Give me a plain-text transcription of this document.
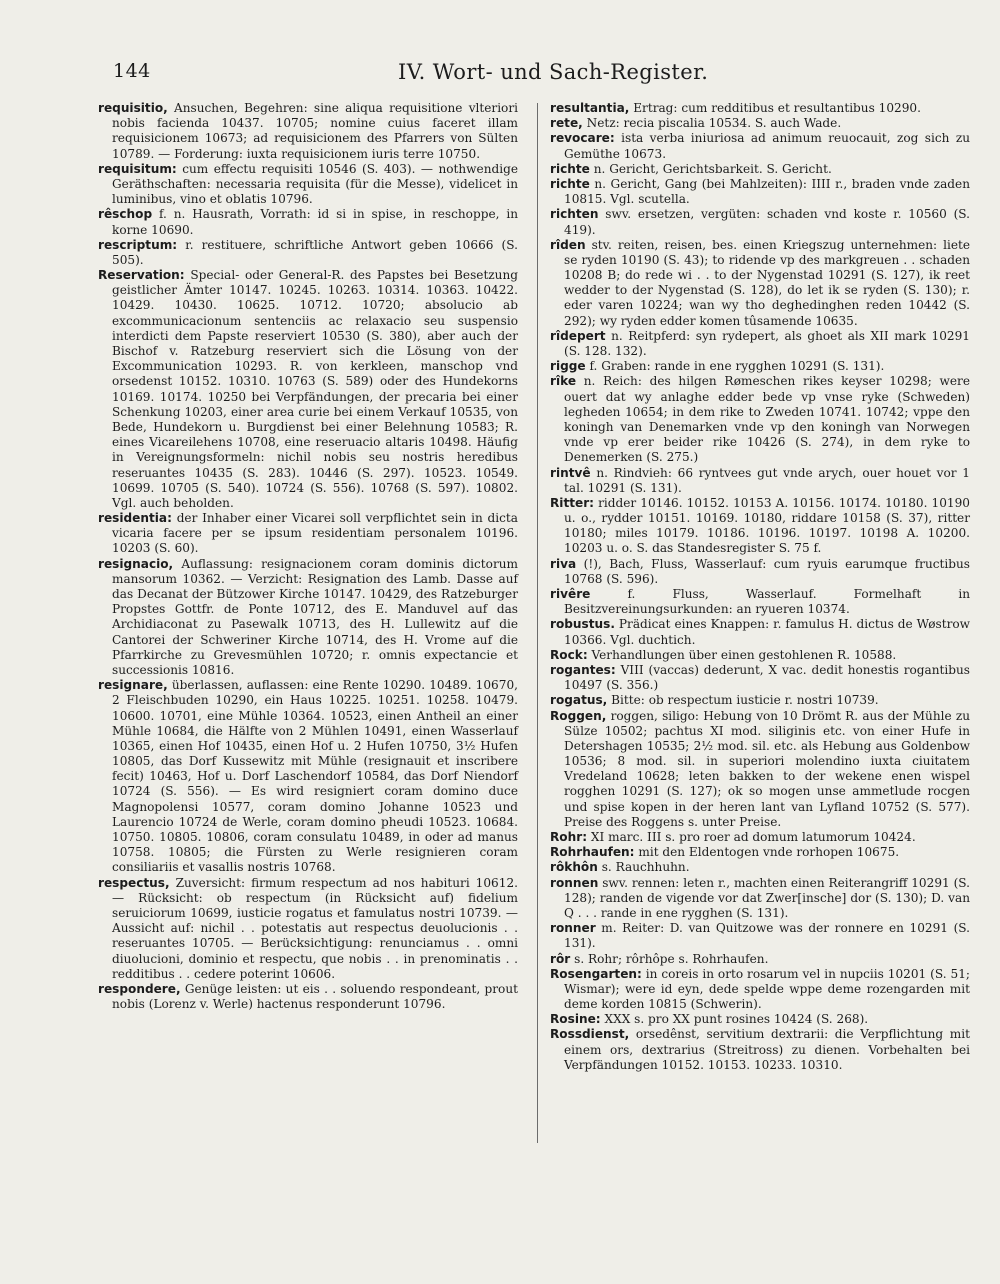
144	IV. Wort- und Sach-Register.

requisitio, Ansuchen, Begehren: sine aliqua requisitione vlteriori nobis facienda 10437. 10705; nomine cuius faceret illam requisicionem 10673; ad requisicionem des Pfarrers von Sülten 10789. — Forderung: iuxta requisicionem iuris terre 10750.

requisitum: cum effectu requisiti 10546 (S. 403). — nothwendige Geräthschaften: necessaria requisita (für die Messe), videlicet in luminibus, vino et oblatis 10796.

rêschop f. n. Hausrath, Vorrath: id si in spise, in reschoppe, in korne 10690.

rescriptum: r. restituere, schriftliche Antwort geben 10666 (S. 505).

Reservation: Special- oder General-R. des Papstes bei Besetzung geistlicher Ämter 10147. 10245. 10263. 10314. 10363. 10422. 10429. 10430. 10625. 10712. 10720; absolucio ab excommunicacionum sentenciis ac relaxacio seu suspensio interdicti dem Papste reserviert 10530 (S. 380), aber auch der Bischof v. Ratzeburg reserviert sich die Lösung von der Excommunication 10293. R. von kerkleen, manschop vnd orsedenst 10152. 10310. 10763 (S. 589) oder des Hundekorns 10169. 10174. 10250 bei Verpfändungen, der precaria bei einer Schenkung 10203, einer area curie bei einem Verkauf 10535, von Bede, Hundekorn u. Burgdienst bei einer Belehnung 10583; R. eines Vicareilehens 10708, eine reseruacio altaris 10498. Häufig in Vereignungsformeln: nichil nobis seu nostris heredibus reseruantes 10435 (S. 283). 10446 (S. 297). 10523. 10549. 10699. 10705 (S. 540). 10724 (S. 556). 10768 (S. 597). 10802. Vgl. auch beholden.

residentia: der Inhaber einer Vicarei soll verpflichtet sein in dicta vicaria facere per se ipsum residentiam personalem 10196. 10203 (S. 60).

resignacio, Auflassung: resignacionem coram dominis dictorum mansorum 10362. — Verzicht: Resignation des Lamb. Dasse auf das Decanat der Bützower Kirche 10147. 10429, des Ratzeburger Propstes Gottfr. de Ponte 10712, des E. Manduvel auf das Archidiaconat zu Pasewalk 10713, des H. Lullewitz auf die Cantorei der Schweriner Kirche 10714, des H. Vrome auf die Pfarrkirche zu Grevesmühlen 10720; r. omnis expectancie et successionis 10816.

resignare, überlassen, auflassen: eine Rente 10290. 10489. 10670, 2 Fleischbuden 10290, ein Haus 10225. 10251. 10258. 10479. 10600. 10701, eine Mühle 10364. 10523, einen Antheil an einer Mühle 10684, die Hälfte von 2 Mühlen 10491, einen Wasserlauf 10365, einen Hof 10435, einen Hof u. 2 Hufen 10750, 3½ Hufen 10805, das Dorf Kussewitz mit Mühle (resignauit et inscribere fecit) 10463, Hof u. Dorf Laschendorf 10584, das Dorf Niendorf 10724 (S. 556). — Es wird resigniert coram domino duce Magnopolensi 10577, coram domino Johanne 10523 und Laurencio 10724 de Werle, coram domino pheudi 10523. 10684. 10750. 10805. 10806, coram consulatu 10489, in oder ad manus 10758. 10805; die Fürsten zu Werle resignieren coram consiliariis et vasallis nostris 10768.

respectus, Zuversicht: firmum respectum ad nos habituri 10612. — Rücksicht: ob respectum (in Rücksicht auf) fidelium seruiciorum 10699, iusticie rogatus et famulatus nostri 10739. — Aussicht auf: nichil . . potestatis aut respectus deuolucionis . . reseruantes 10705. — Berücksichtigung: renunciamus . . omni diuolucioni, dominio et respectu, que nobis . . in prenominatis . . redditibus . . cedere poterint 10606.

respondere, Genüge leisten: ut eis . . soluendo respondeant, prout nobis (Lorenz v. Werle) hactenus responderunt 10796.

resultantia, Ertrag: cum redditibus et resultantibus 10290.

rete, Netz: recia piscalia 10534. S. auch Wade.

revocare: ista verba iniuriosa ad animum reuocauit, zog sich zu Gemüthe 10673.

richte n. Gericht, Gerichtsbarkeit. S. Gericht.

richte n. Gericht, Gang (bei Mahlzeiten): IIII r., braden vnde zaden 10815. Vgl. scutella.

richten swv. ersetzen, vergüten: schaden vnd koste r. 10560 (S. 419).

rîden stv. reiten, reisen, bes. einen Kriegszug unternehmen: liete se ryden 10190 (S. 43); to ridende vp des markgreuen . . schaden 10208 B; do rede wi . . to der Nygenstad 10291 (S. 127), ik reet wedder to der Nygenstad (S. 128), do let ik se ryden (S. 130); r. eder varen 10224; wan wy tho deghedinghen reden 10442 (S. 292); wy ryden edder komen tûsamende 10635.

rîdepert n. Reitpferd: syn rydepert, als ghoet als XII mark 10291 (S. 128. 132).

rigge f. Graben: rande in ene rygghen 10291 (S. 131).

rîke n. Reich: des hilgen Rømeschen rikes keyser 10298; were ouert dat wy anlaghe edder bede vp vnse ryke (Schweden) legheden 10654; in dem rike to Zweden 10741. 10742; vppe den koningh van Denemarken vnde vp den koningh van Norwegen vnde vp erer beider rike 10426 (S. 274), in dem ryke to Denemerken (S. 275.)

rintvê n. Rindvieh: 66 ryntvees gut vnde arych, ouer houet vor 1 tal. 10291 (S. 131).

Ritter: ridder 10146. 10152. 10153 A. 10156. 10174. 10180. 10190 u. o., rydder 10151. 10169. 10180, riddare 10158 (S. 37), ritter 10180; miles 10179. 10186. 10196. 10197. 10198 A. 10200. 10203 u. o. S. das Standesregister S. 75 f.

riva (!), Bach, Fluss, Wasserlauf: cum ryuis earumque fructibus 10768 (S. 596).

rivêre	f. Fluss, Wasserlauf. Formelhaft in Besitzvereinungsurkunden: an ryueren 10374.

robustus. Prädicat eines Knappen: r. famulus H. dictus de Wøstrow 10366. Vgl. duchtich.

Rock: Verhandlungen über einen gestohlenen R. 10588.

rogantes: VIII (vaccas) dederunt, X vac. dedit honestis rogantibus 10497 (S. 356.)

rogatus, Bitte: ob respectum iusticie r. nostri 10739.

Roggen, roggen, siligo: Hebung von 10 Drömt R. aus der Mühle zu Sülze 10502; pachtus XI mod. siliginis etc. von einer Hufe in Detershagen 10535; 2½ mod. sil. etc. als Hebung aus Goldenbow 10536; 8 mod. sil. in superiori molendino iuxta ciuitatem Vredeland 10628; leten bakken to der wekene enen wispel rogghen 10291 (S. 127); ok so mogen unse ammetlude rocgen und spise kopen in der heren lant van Lyfland 10752 (S. 577). Preise des Roggens s. unter Preise.

Rohr: XI marc. III s. pro roer ad domum latumorum 10424.

Rohrhaufen: mit den Eldentogen vnde rorhopen 10675.

rôkhôn s. Rauchhuhn.

ronnen swv. rennen: leten r., machten einen Reiterangriff 10291 (S. 128); randen de vigende vor dat Zwer[insche] dor (S. 130); D. van Q . . . rande in ene rygghen (S. 131).

ronner m. Reiter: D. van Quitzowe was der ronnere en 10291 (S. 131).

rôr s. Rohr; rôrhôpe s. Rohrhaufen.

Rosengarten: in coreis in orto rosarum vel in nupciis 10201 (S. 51; Wismar); were id eyn, dede spelde wppe deme rozengarden mit deme korden 10815 (Schwerin).

Rosine: XXX s. pro XX punt rosines 10424 (S. 268).

Rossdienst, orsedênst, servitium dextrarii: die Verpflichtung mit einem ors, dextrarius (Streitross) zu dienen. Vorbehalten bei Verpfändungen 10152. 10153. 10233. 10310.
